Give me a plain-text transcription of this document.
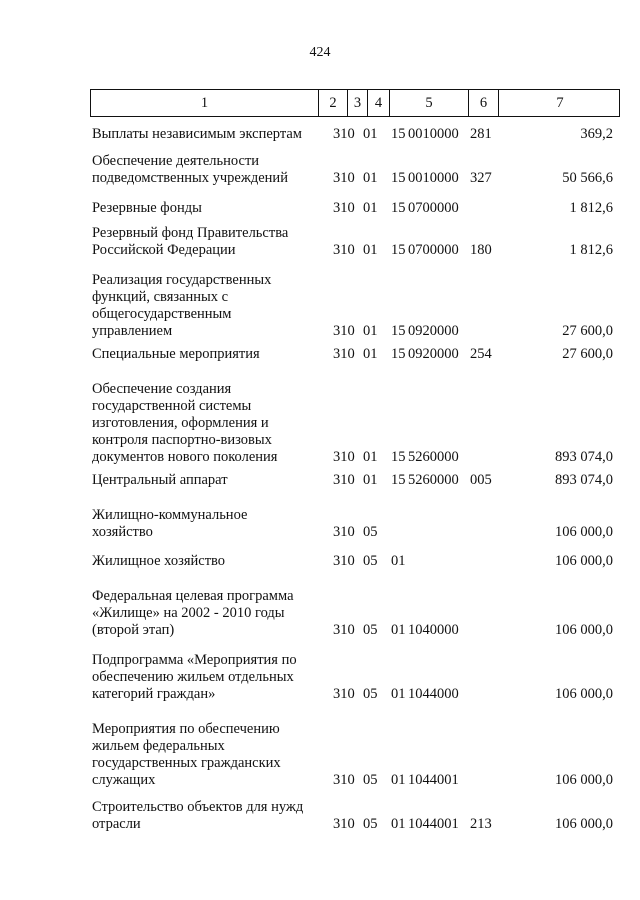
424
1	2	3 4	5	6	7
Выплаты независимым экспертам	310 01 15 0010000 281	369,2
Обеспечение деятельности
подведомственных учреждений	310 01 15 0010000 327	50 566,6
Резервные фонды	310 01 15 0700000	1 812,6
Резервный фонд Правительства
Российской Федерации	310 01 15 0700000 180	1 812,6
Реализация государственных
функций, связанных с
общегосударственным
управлением	310 01 15 0920000	27 600,0
Специальные мероприятия	310 01 15 0920000 254	27 600,0
Обеспечение создания
государственной системы
изготовления, оформления и
контроля паспортно-визовых
документов нового поколения	310 01 15 5260000	893 074,0
Центральный аппарат	310 01 15 5260000 005	893 074,0
Жилищно-коммунальное
хозяйство	310 05	106 000,0
Жилищное хозяйство	310 05 01	106 000,0
Федеральная целевая программа
«Жилище» на 2002 - 2010 годы
(второй этап)	310 05 01 1040000	106 000,0
Подпрограмма «Мероприятия по
обеспечению жильем отдельных
категорий граждан»	310 05 01 1044000	106 000,0
Мероприятия по обеспечению
жильем федеральных
государственных гражданских
служащих	310 05 01 1044001	106 000,0
Строительство объектов для нужд
отрасли	310 05 01 1044001 213	106 000,0
